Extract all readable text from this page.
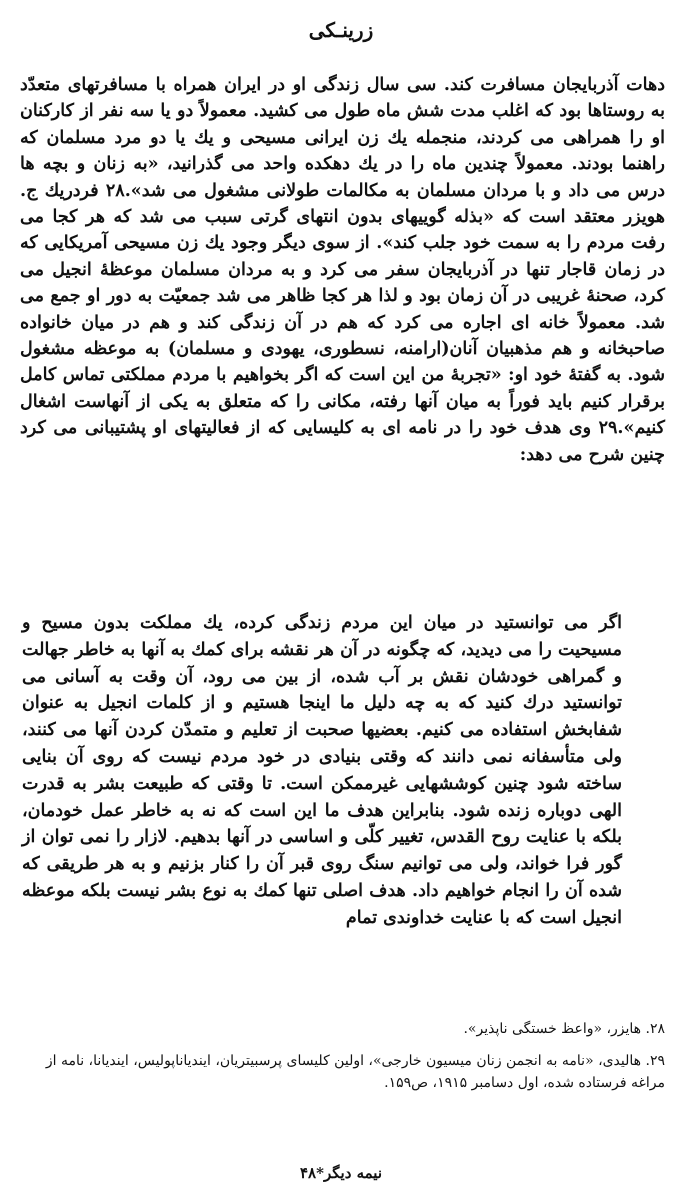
زرینـکی

دهات آذربایجان مسافرت کند. سی سال زندگی او در ایران همراه با مسافرتهای متعدّد به روستاها بود که اغلب مدت شش ماه طول می کشید. معمولاً دو یا سه نفر از کارکنان او را همراهی می کردند، منجمله یك زن ایرانی مسیحی و یك یا دو مرد مسلمان که راهنما بودند. معمولاً چندین ماه را در یك دهکده واحد می گذرانید، «به زنان و بچه ها درس می داد و با مردان مسلمان به مکالمات طولانی مشغول می شد».۲۸ فردریك ج. هویزر معتقد است که «بذله گوییهای بدون انتهای گرتی سبب می شد که هر کجا می رفت مردم را به سمت خود جلب کند». از سوی دیگر وجود یك زن مسیحی آمریکایی که در زمان قاجار تنها در آذربایجان سفر می کرد و به مردان مسلمان موعظهٔ انجیل می کرد، صحنهٔ غریبی در آن زمان بود و لذا هر کجا ظاهر می شد جمعیّت به دور او جمع می شد. معمولاً خانه ای اجاره می کرد که هم در آن زندگی کند و هم در میان خانواده صاحبخانه و هم مذهبیان آنان(ارامنه، نسطوری، یهودی و مسلمان) به موعظه مشغول شود. به گفتهٔ خود او: «تجربهٔ من این است که اگر بخواهیم با مردم مملکتی تماس کامل برقرار کنیم باید فوراً به میان آنها رفته، مکانی را که متعلق به یکی از آنهاست اشغال کنیم».۲۹ وی هدف خود را در نامه ای به کلیسایی که از فعالیتهای او پشتیبانی می کرد چنین شرح می دهد:

اگر می توانستید در میان این مردم زندگی کرده، یك مملکت بدون مسیح و مسیحیت را می دیدید، که چگونه در آن هر نقشه برای کمك به آنها به خاطر جهالت و گمراهی خودشان نقش بر آب شده، از بین می رود، آن وقت به آسانی می توانستید درك کنید که به چه دلیل ما اینجا هستیم و از کلمات انجیل به عنوان شفابخش استفاده می کنیم. بعضیها صحبت از تعلیم و متمدّن کردن آنها می کنند، ولی متأسفانه نمی دانند که وقتی بنیادی در خود مردم نیست که روی آن بنایی ساخته شود چنین کوششهایی غیرممکن است. تا وقتی که طبیعت بشر به قدرت الهی دوباره زنده شود. بنابراین هدف ما این است که نه به خاطر عمل خودمان، بلکه با عنایت روح القدس، تغییر کلّی و اساسی در آنها بدهیم. لازار را نمی توان از گور فرا خواند، ولی می توانیم سنگ روی قبر آن را کنار بزنیم و به هر طریقی که شده آن را انجام خواهیم داد. هدف اصلی تنها کمك به نوع بشر نیست بلکه موعظه انجیل است که با عنایت خداوندی تمام

۲۸. هایزر، «واعظ خستگی ناپذیر».

۲۹. هالیدی، «نامه به انجمن زنان میسیون خارجی»، اولین کلیسای پرسبیتریان، ایندیاناپولیس، ایندیانا، نامه از مراغه فرستاده شده، اول دسامبر ۱۹۱۵، ص۱۵۹.

نیمه دیگر*۴۸
